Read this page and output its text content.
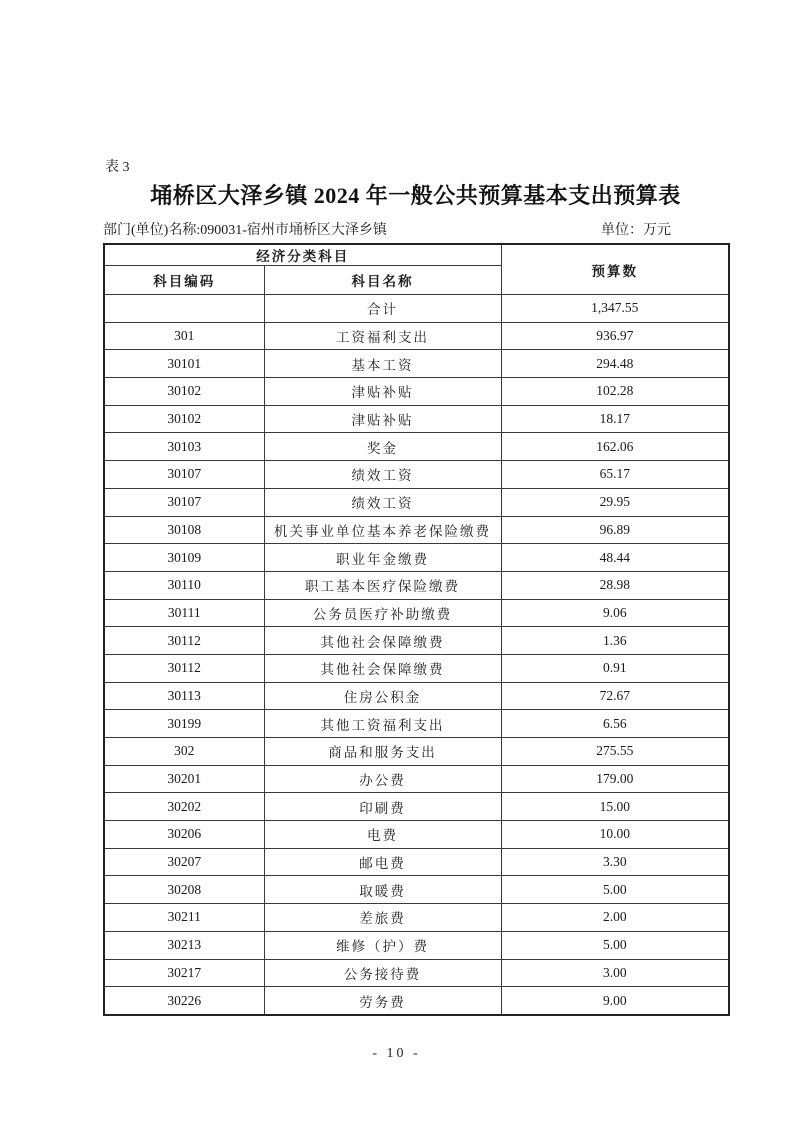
表 3
埇桥区大泽乡镇 2024 年一般公共预算基本支出预算表
部门(单位)名称:090031-宿州市埇桥区大泽乡镇	单位：万元
经济分类科目		预算数
科目编码	科目名称	
	合计	1,347.55
301	工资福利支出	936.97
30101	基本工资	294.48
30102	津贴补贴	102.28
30102	津贴补贴	18.17
30103	奖金	162.06
30107	绩效工资	65.17
30107	绩效工资	29.95
30108	机关事业单位基本养老保险缴费	96.89
30109	职业年金缴费	48.44
30110	职工基本医疗保险缴费	28.98
30111	公务员医疗补助缴费	9.06
30112	其他社会保障缴费	1.36
30112	其他社会保障缴费	0.91
30113	住房公积金	72.67
30199	其他工资福利支出	6.56
302	商品和服务支出	275.55
30201	办公费	179.00
30202	印刷费	15.00
30206	电费	10.00
30207	邮电费	3.30
30208	取暖费	5.00
30211	差旅费	2.00
30213	维修（护）费	5.00
30217	公务接待费	3.00
30226	劳务费	9.00
- 10 -
